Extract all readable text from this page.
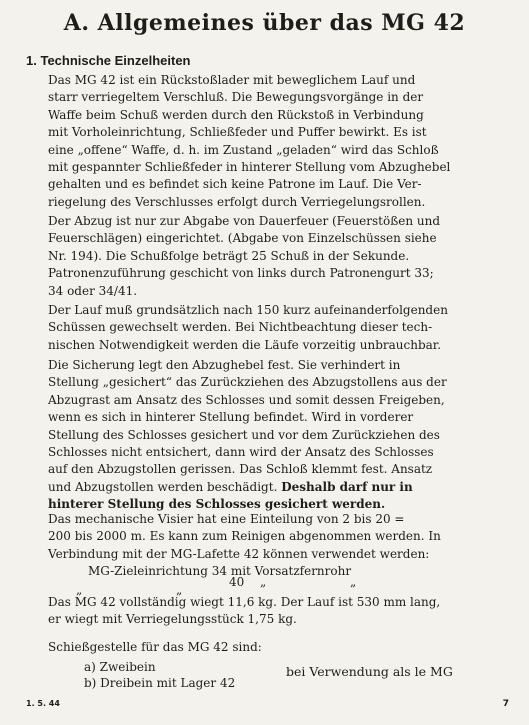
A. Allgemeines über das MG 42
1. Technische Einzelheiten
Das MG 42 ist ein Rückstoßlader mit beweglichem Lauf und
starr verriegeltem Verschluß. Die Bewegungsvorgänge in der
Waffe beim Schuß werden durch den Rückstoß in Verbindung
mit Vorholeinrichtung, Schließfeder und Puffer bewirkt. Es ist
eine „offene“ Waffe, d. h. im Zustand „geladen“ wird das Schloß
mit gespannter Schließfeder in hinterer Stellung vom Abzughebel
gehalten und es befindet sich keine Patrone im Lauf. Die Ver-
riegelung des Verschlusses erfolgt durch Verriegelungsrollen.
Der Abzug ist nur zur Abgabe von Dauerfeuer (Feuerstößen und
Feuerschlägen) eingerichtet. (Abgabe von Einzelschüssen siehe
Nr. 194). Die Schußfolge beträgt 25 Schuß in der Sekunde.
Patronenzuführung geschicht von links durch Patronengurt 33;
34 oder 34/41.
Der Lauf muß grundsätzlich nach 150 kurz aufeinanderfolgenden
Schüssen gewechselt werden. Bei Nichtbeachtung dieser tech-
nischen Notwendigkeit werden die Läufe vorzeitig unbrauchbar.
Die Sicherung legt den Abzughebel fest. Sie verhindert in
Stellung „gesichert“ das Zurückziehen des Abzugstollens aus der
Abzugrast am Ansatz des Schlosses und somit dessen Freigeben,
wenn es sich in hinterer Stellung befindet. Wird in vorderer
Stellung des Schlosses gesichert und vor dem Zurückziehen des
Schlosses nicht entsichert, dann wird der Ansatz des Schlosses
auf den Abzugstollen gerissen. Das Schloß klemmt fest. Ansatz
und Abzugstollen werden beschädigt. Deshalb darf nur in
hinterer Stellung des Schlosses gesichert werden.
Das mechanische Visier hat eine Einteilung von 2 bis 20 =
200 bis 2000 m. Es kann zum Reinigen abgenommen werden. In
Verbindung mit der MG-Lafette 42 können verwendet werden:
MG-Zieleinrichtung 34 mit Vorsatzfernrohr
„	„
40 „	„
Das MG 42 vollständig wiegt 11,6 kg. Der Lauf ist 530 mm lang,
er wiegt mit Verriegelungsstück 1,75 kg.
Schießgestelle für das MG 42 sind:
a) Zweibein
b) Dreibein mit Lager 42
bei Verwendung als le MG
1. 5. 44	7
